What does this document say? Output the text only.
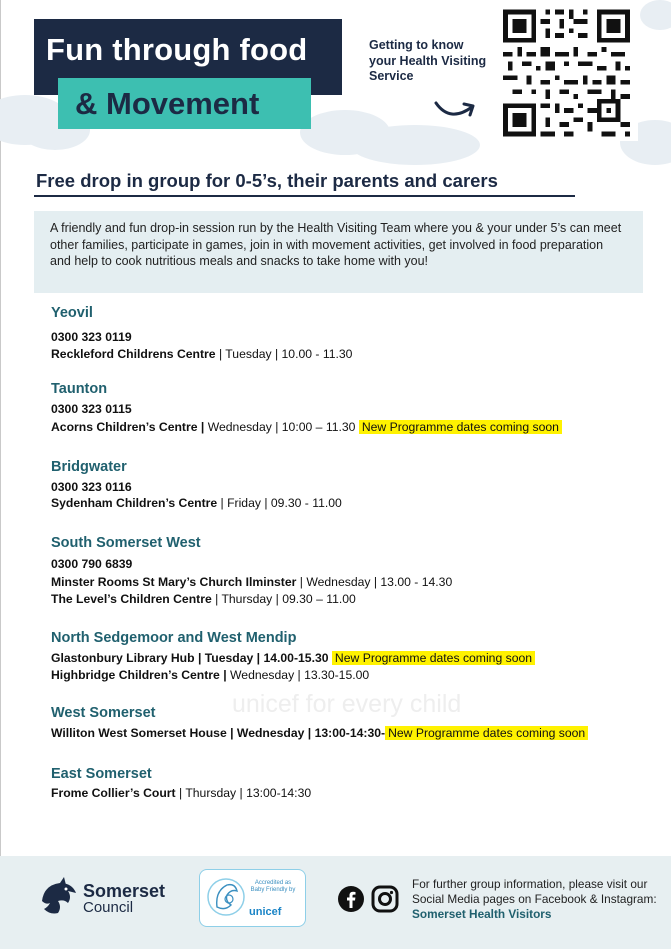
Fun through food
& Movement
Getting to know your Health Visiting Service
Free drop in group for 0-5’s, their parents and carers
A friendly and fun drop-in session run by the Health Visiting Team where you & your under 5’s can meet other families, participate in games, join in with movement activities, get involved in food preparation and help to cook nutritious meals and snacks to take home with you!
Yeovil
0300 323 0119
Reckleford Childrens Centre | Tuesday | 10.00 - 11.30
Taunton
0300 323 0115
Acorns Children’s Centre | Wednesday | 10:00 – 11.30 New Programme dates coming soon
Bridgwater
0300 323 0116
Sydenham Children’s Centre | Friday | 09.30 - 11.00
South Somerset West
0300 790 6839
Minster Rooms St Mary’s Church Ilminster | Wednesday | 13.00 - 14.30
The Level’s Children Centre | Thursday | 09.30 – 11.00
North Sedgemoor and West Mendip
Glastonbury Library Hub | Tuesday | 14.00-15.30 New Programme dates coming soon
Highbridge Children’s Centre | Wednesday | 13.30-15.00
unicef for every child
West Somerset
Williton West Somerset House | Wednesday | 13:00-14:30- New Programme dates coming soon
East Somerset
Frome Collier’s Court | Thursday | 13:00-14:30
Somerset
Council
Accredited as Baby Friendly by
unicef
For further group information, please visit our Social Media pages on Facebook & Instagram: Somerset Health Visitors
